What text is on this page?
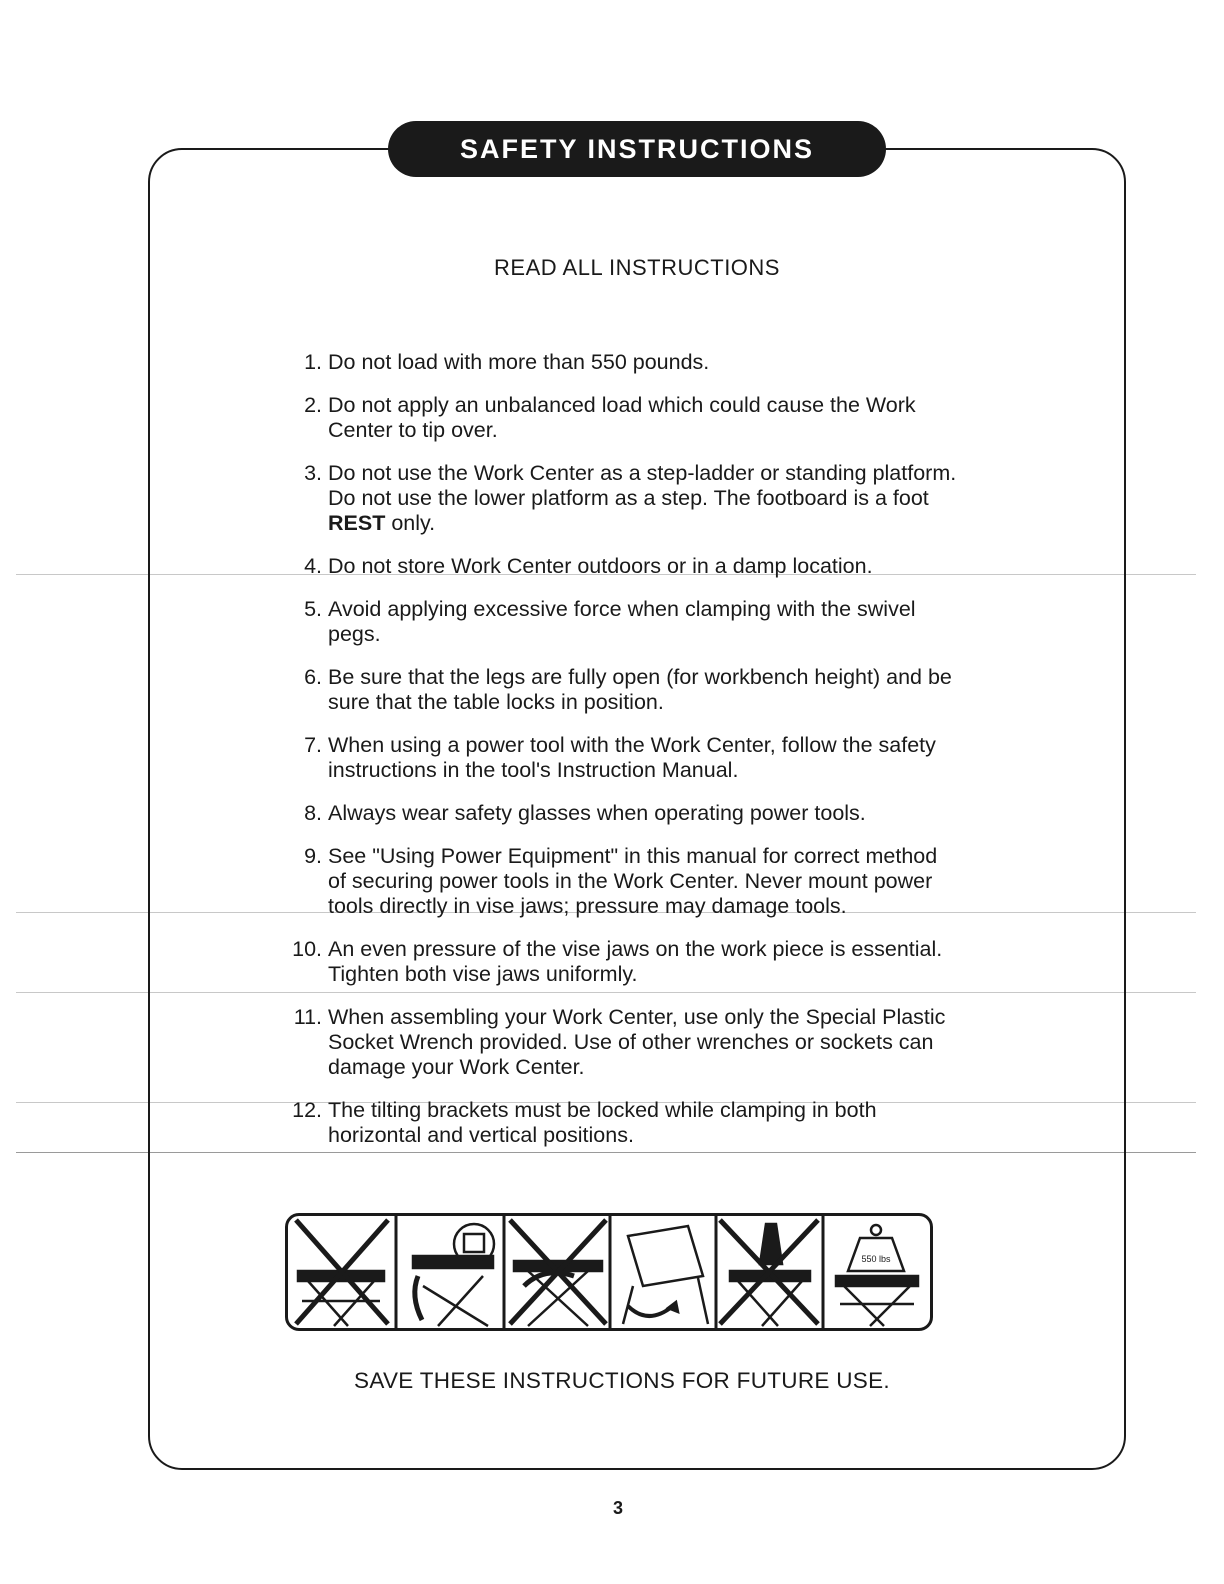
SAFETY INSTRUCTIONS
READ ALL INSTRUCTIONS
1. Do not load with more than 550 pounds.
2. Do not apply an unbalanced load which could cause the Work Center to tip over.
3. Do not use the Work Center as a step-ladder or standing platform. Do not use the lower platform as a step. The footboard is a foot REST only.
4. Do not store Work Center outdoors or in a damp location.
5. Avoid applying excessive force when clamping with the swivel pegs.
6. Be sure that the legs are fully open (for workbench height) and be sure that the table locks in position.
7. When using a power tool with the Work Center, follow the safety instructions in the tool's Instruction Manual.
8. Always wear safety glasses when operating power tools.
9. See "Using Power Equipment" in this manual for correct method of securing power tools in the Work Center. Never mount power tools directly in vise jaws; pressure may damage tools.
10. An even pressure of the vise jaws on the work piece is essential. Tighten both vise jaws uniformly.
11. When assembling your Work Center, use only the Special Plastic Socket Wrench provided. Use of other wrenches or sockets can damage your Work Center.
12. The tilting brackets must be locked while clamping in both horizontal and vertical positions.
550 lbs
SAVE THESE INSTRUCTIONS FOR FUTURE USE.
3
